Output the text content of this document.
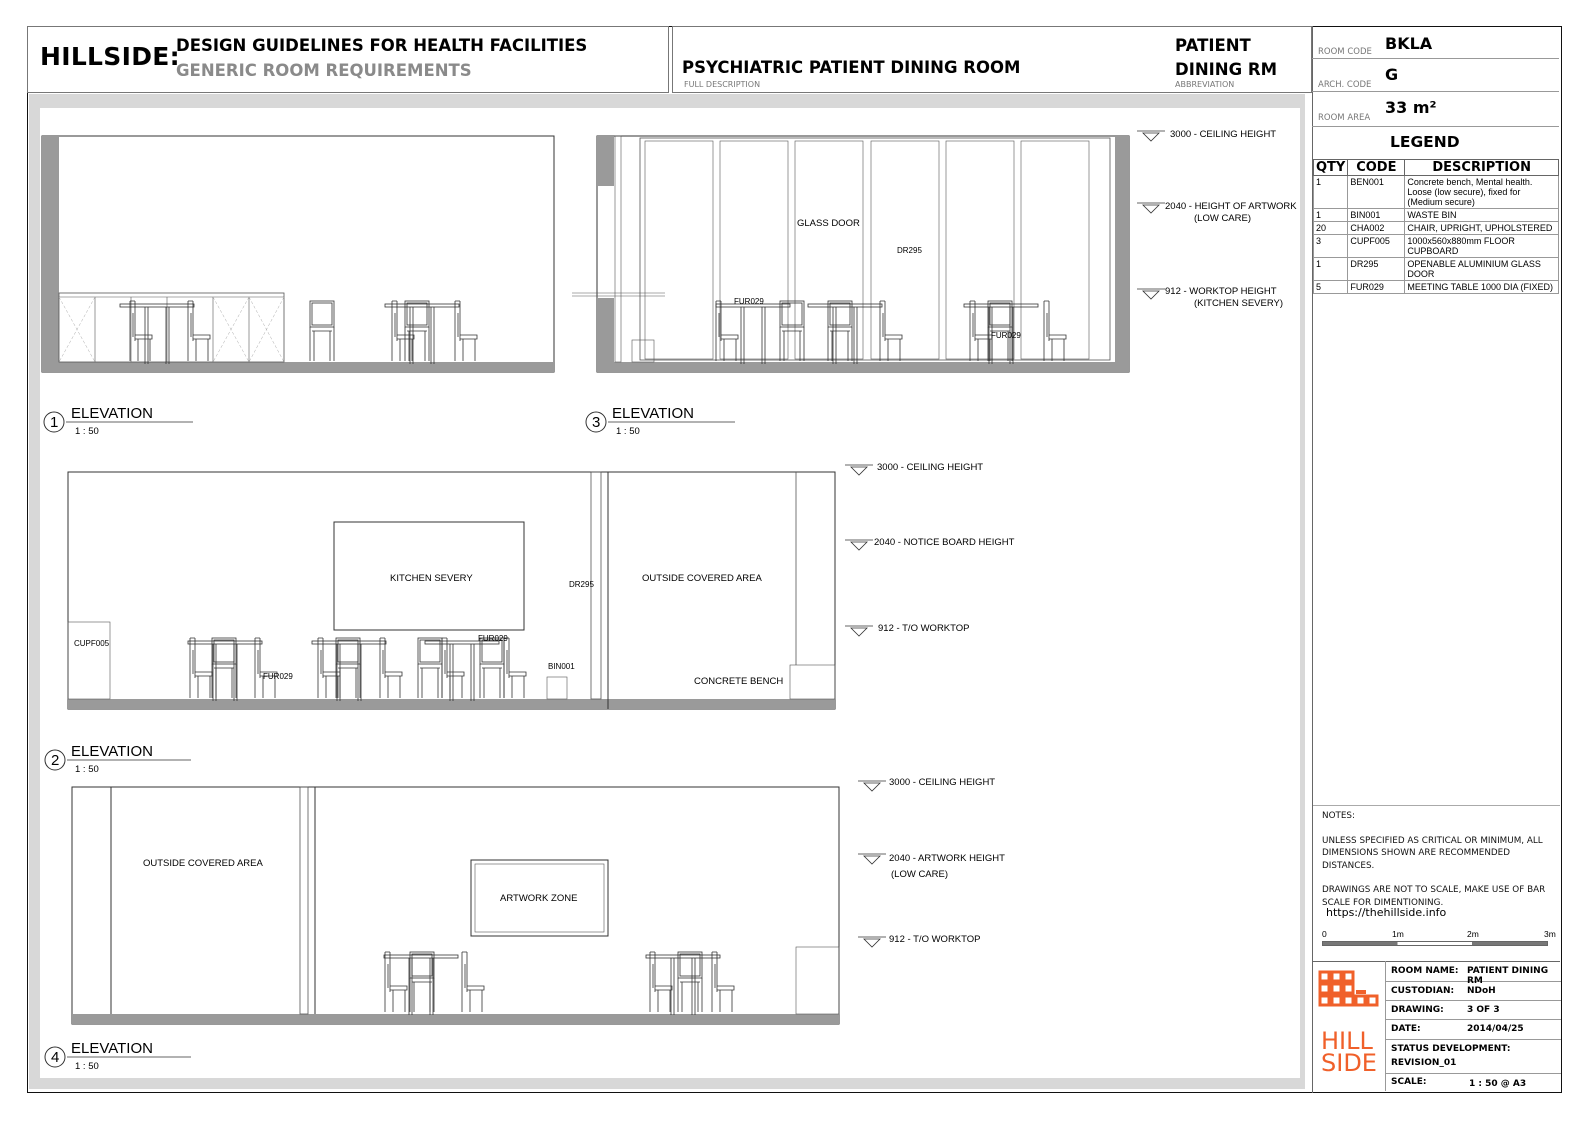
HILLSIDE:
DESIGN GUIDELINES FOR HEALTH FACILITIES
GENERIC ROOM REQUIREMENTS	PSYCHIATRIC PATIENT DINING ROOM
FULL DESCRIPTION
PATIENT
DINING RM
ABBREVIATION
ROOM CODE BKLA
ARCH. CODE
G
ROOM AREA
33 m²
LEGEND
QTY	CODE	DESCRIPTION
1	BEN001	Concrete bench, Mental health. Loose (low secure), fixed for (Medium secure)
1	BIN001	WASTE BIN
20	CHA002	CHAIR, UPRIGHT, UPHOLSTERED
3	CUPF005	1000x560x880mm FLOOR CUPBOARD
1	DR295	OPENABLE ALUMINIUM GLASS DOOR
5	FUR029	MEETING TABLE 1000 DIA (FIXED)
NOTES:
UNLESS SPECIFIED AS CRITICAL OR MINIMUM, ALL DIMENSIONS SHOWN ARE RECOMMENDED DISTANCES.
DRAWINGS ARE NOT TO SCALE, MAKE USE OF BAR SCALE FOR DIMENTIONING.
https://thehillside.info
0	1m	2m	3m
HILL
SIDE
ROOM NAME: PATIENT DINING RM
CUSTODIAN: NDoH
DRAWING:	3 OF 3
DATE:	2014/04/25
STATUS DEVELOPMENT:
REVISION_01
SCALE:	1 : 50 @ A3
1
ELEVATION
1 : 50
GLASS DOOR
DR295
FUR029
FUR029
3000 - CEILING HEIGHT
2040 - HEIGHT OF ARTWORK
(LOW CARE)
912 - WORKTOP HEIGHT
(KITCHEN SEVERY)
3
ELEVATION
1 : 50
KITCHEN SEVERY
DR295
OUTSIDE COVERED AREA
CUPF005
FUR029
FUR029
BIN001
CONCRETE BENCH
3000 - CEILING HEIGHT
2040 - NOTICE BOARD HEIGHT
912 - T/O WORKTOP
2
ELEVATION
1 : 50
OUTSIDE COVERED AREA
ARTWORK ZONE
3000 - CEILING HEIGHT
2040 - ARTWORK HEIGHT
(LOW CARE)
912 - T/O WORKTOP
4
ELEVATION
1 : 50
